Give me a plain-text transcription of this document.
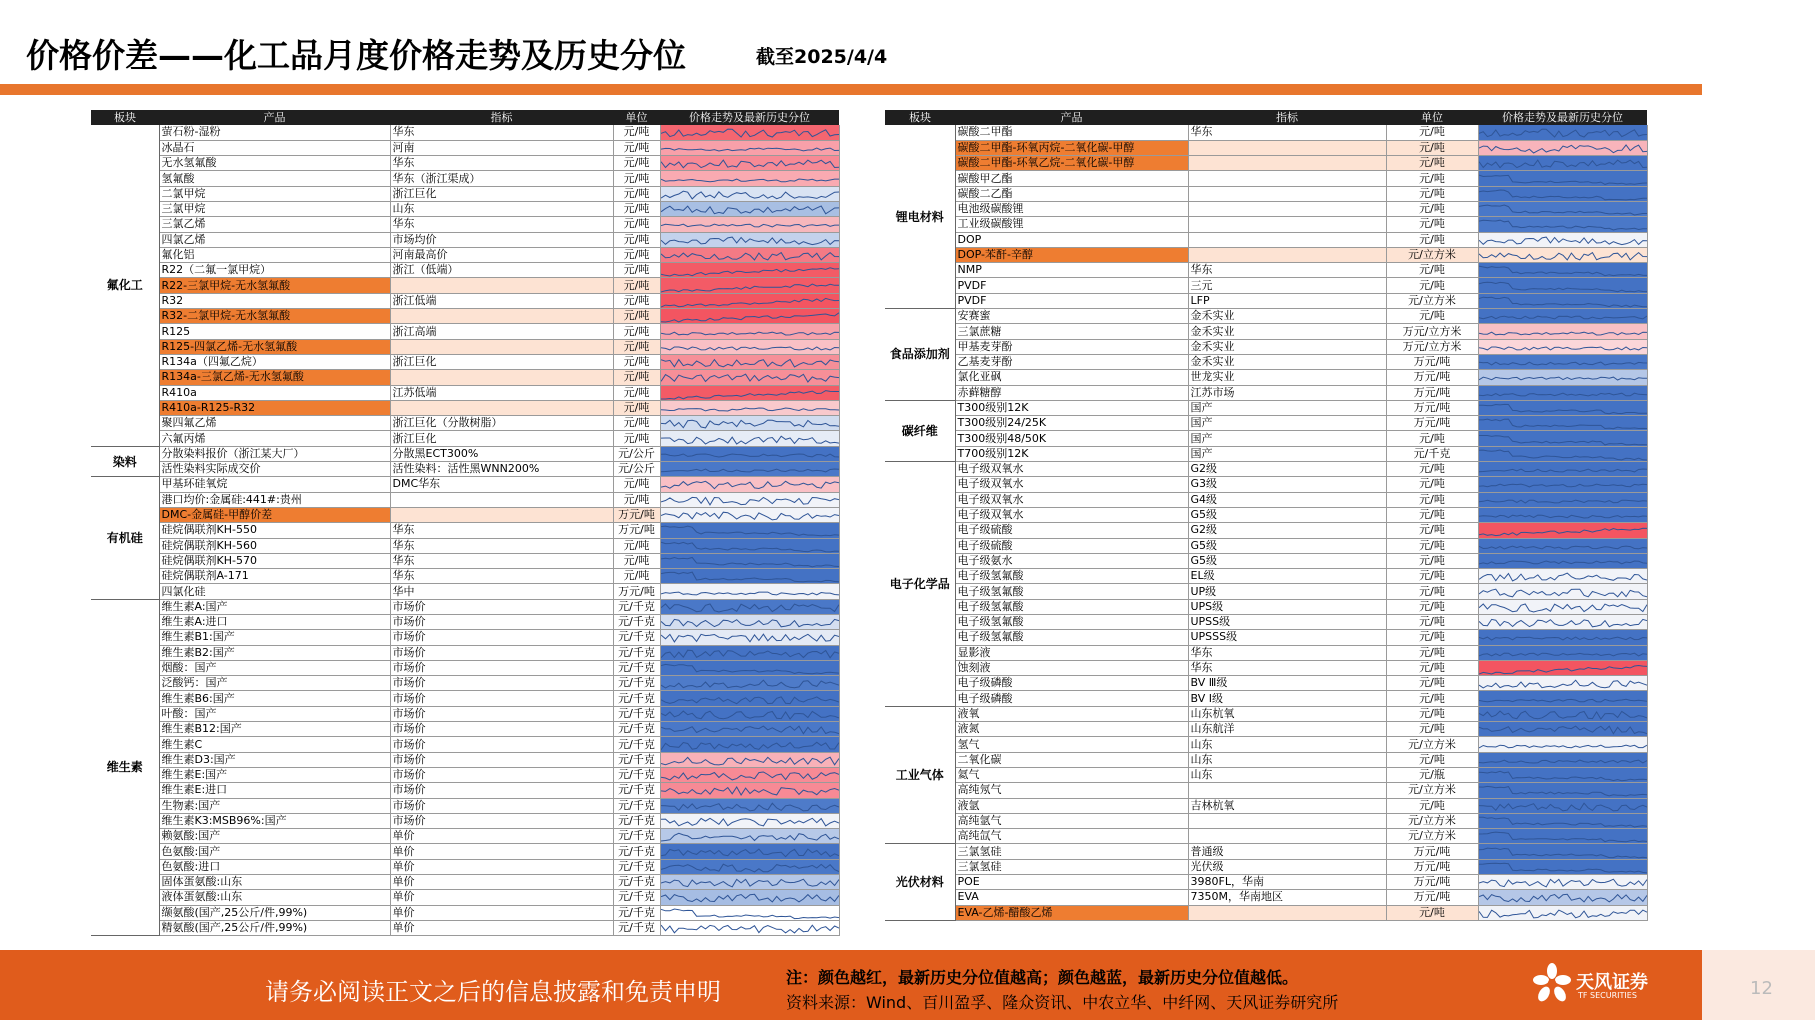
价格价差——化工品月度价格走势及历史分位	截至2025/4/4
板块	产品	指标	单位	价格走势及最新历史分位
氟化工	萤石粉-湿粉	华东	元/吨	

	冰晶石	河南	元/吨	

	无水氢氟酸	华东	元/吨	

	氢氟酸	华东（浙江渠成）	元/吨	

	二氯甲烷	浙江巨化	元/吨	

	三氯甲烷	山东	元/吨	

	三氯乙烯	华东	元/吨	

	四氯乙烯	市场均价	元/吨	

	氟化铝	河南最高价	元/吨	

	R22（二氟一氯甲烷）	浙江（低端）	元/吨	

	R22-三氯甲烷-无水氢氟酸		元/吨	

	R32	浙江低端	元/吨	

	R32-二氯甲烷-无水氢氟酸		元/吨	

	R125	浙江高端	元/吨	

	R125-四氯乙烯-无水氢氟酸		元/吨	

	R134a（四氟乙烷）	浙江巨化	元/吨	

	R134a-三氯乙烯-无水氢氟酸		元/吨	

	R410a	江苏低端	元/吨	

	R410a-R125-R32		元/吨	

	聚四氟乙烯	浙江巨化（分散树脂）	元/吨	

	六氟丙烯	浙江巨化	元/吨	

染料	分散染料报价（浙江某大厂）	分散黑ECT300%	元/公斤	

	活性染料实际成交价	活性染料：活性黑WNN200%	元/公斤	

有机硅	甲基环硅氧烷	DMC华东	元/吨	

	港口均价:金属硅:441#:贵州		元/吨	

	DMC-金属硅-甲醇价差		万元/吨	

	硅烷偶联剂KH-550	华东	万元/吨	

	硅烷偶联剂KH-560	华东	元/吨	

	硅烷偶联剂KH-570	华东	元/吨	

	硅烷偶联剂A-171	华东	元/吨	

	四氯化硅	华中	万元/吨	

维生素	维生素A:国产	市场价	元/千克	

	维生素A:进口	市场价	元/千克	

	维生素B1:国产	市场价	元/千克	

	维生素B2:国产	市场价	元/千克	

	烟酸：国产	市场价	元/千克	

	泛酸钙：国产	市场价	元/千克	

	维生素B6:国产	市场价	元/千克	

	叶酸：国产	市场价	元/千克	

	维生素B12:国产	市场价	元/千克	

	维生素C	市场价	元/千克	

	维生素D3:国产	市场价	元/千克	

	维生素E:国产	市场价	元/千克	

	维生素E:进口	市场价	元/千克	

	生物素:国产	市场价	元/千克	

	维生素K3:MSB96%:国产	市场价	元/千克	

	赖氨酸:国产	单价	元/千克	

	色氨酸:国产	单价	元/千克	

	色氨酸:进口	单价	元/千克	

	固体蛋氨酸:山东	单价	元/千克	

	液体蛋氨酸:山东	单价	元/千克	

	缬氨酸(国产,25公斤/件,99%)	单价	元/千克	

	精氨酸(国产,25公斤/件,99%)	单价	元/千克	
板块	产品	指标	单位	价格走势及最新历史分位
锂电材料	碳酸二甲酯	华东	元/吨	

	碳酸二甲酯-环氧丙烷-二氧化碳-甲醇		元/吨	

	碳酸二甲酯-环氧乙烷-二氧化碳-甲醇		元/吨	

	碳酸甲乙酯		元/吨	

	碳酸二乙酯		元/吨	

	电池级碳酸锂		元/吨	

	工业级碳酸锂		元/吨	

	DOP		元/吨	

	DOP-苯酐-辛醇		元/立方米	

	NMP	华东	元/吨	

	PVDF	三元	元/吨	

	PVDF	LFP	元/立方米	

食品添加剂	安赛蜜	金禾实业	元/吨	

	三氯蔗糖	金禾实业	万元/立方米	

	甲基麦芽酚	金禾实业	万元/立方米	

	乙基麦芽酚	金禾实业	万元/吨	

	氯化亚砜	世龙实业	万元/吨	

	赤藓糖醇	江苏市场	万元/吨	

碳纤维	T300级别12K	国产	万元/吨	

	T300级别24/25K	国产	万元/吨	

	T300级别48/50K	国产	元/吨	

	T700级别12K	国产	元/千克	

电子化学品	电子级双氧水	G2级	元/吨	

	电子级双氧水	G3级	元/吨	

	电子级双氧水	G4级	元/吨	

	电子级双氧水	G5级	元/吨	

	电子级硫酸	G2级	元/吨	

	电子级硫酸	G5级	元/吨	

	电子级氨水	G5级	元/吨	

	电子级氢氟酸	EL级	元/吨	

	电子级氢氟酸	UP级	元/吨	

	电子级氢氟酸	UPS级	元/吨	

	电子级氢氟酸	UPSS级	元/吨	

	电子级氢氟酸	UPSSS级	元/吨	

	显影液	华东	元/吨	

	蚀刻液	华东	元/吨	

	电子级磷酸	BV Ⅲ级	元/吨	

	电子级磷酸	BV Ⅰ级	元/吨	

工业气体	液氧	山东杭氧	元/吨	

	液氮	山东航洋	元/吨	

	氢气	山东	元/立方米	

	二氧化碳	山东	元/吨	

	氦气	山东	元/瓶	

	高纯氖气		元/立方米	

	液氩	吉林杭氧	元/吨	

	高纯氩气		元/立方米	

	高纯氙气		元/立方米	

光伏材料	三氯氢硅	普通级	万元/吨	

	三氯氢硅	光伏级	万元/吨	

	POE	3980FL，华南	万元/吨	

	EVA	7350M，华南地区	万元/吨	

	EVA-乙烯-醋酸乙烯		元/吨	
请务必阅读正文之后的信息披露和免责申明
注：颜色越红，最新历史分位值越高；颜色越蓝，最新历史分位值越低。
资料来源：Wind、百川盈孚、隆众资讯、中农立华、中纤网、天风证券研究所
天风证券
TF SECURITIES	12
